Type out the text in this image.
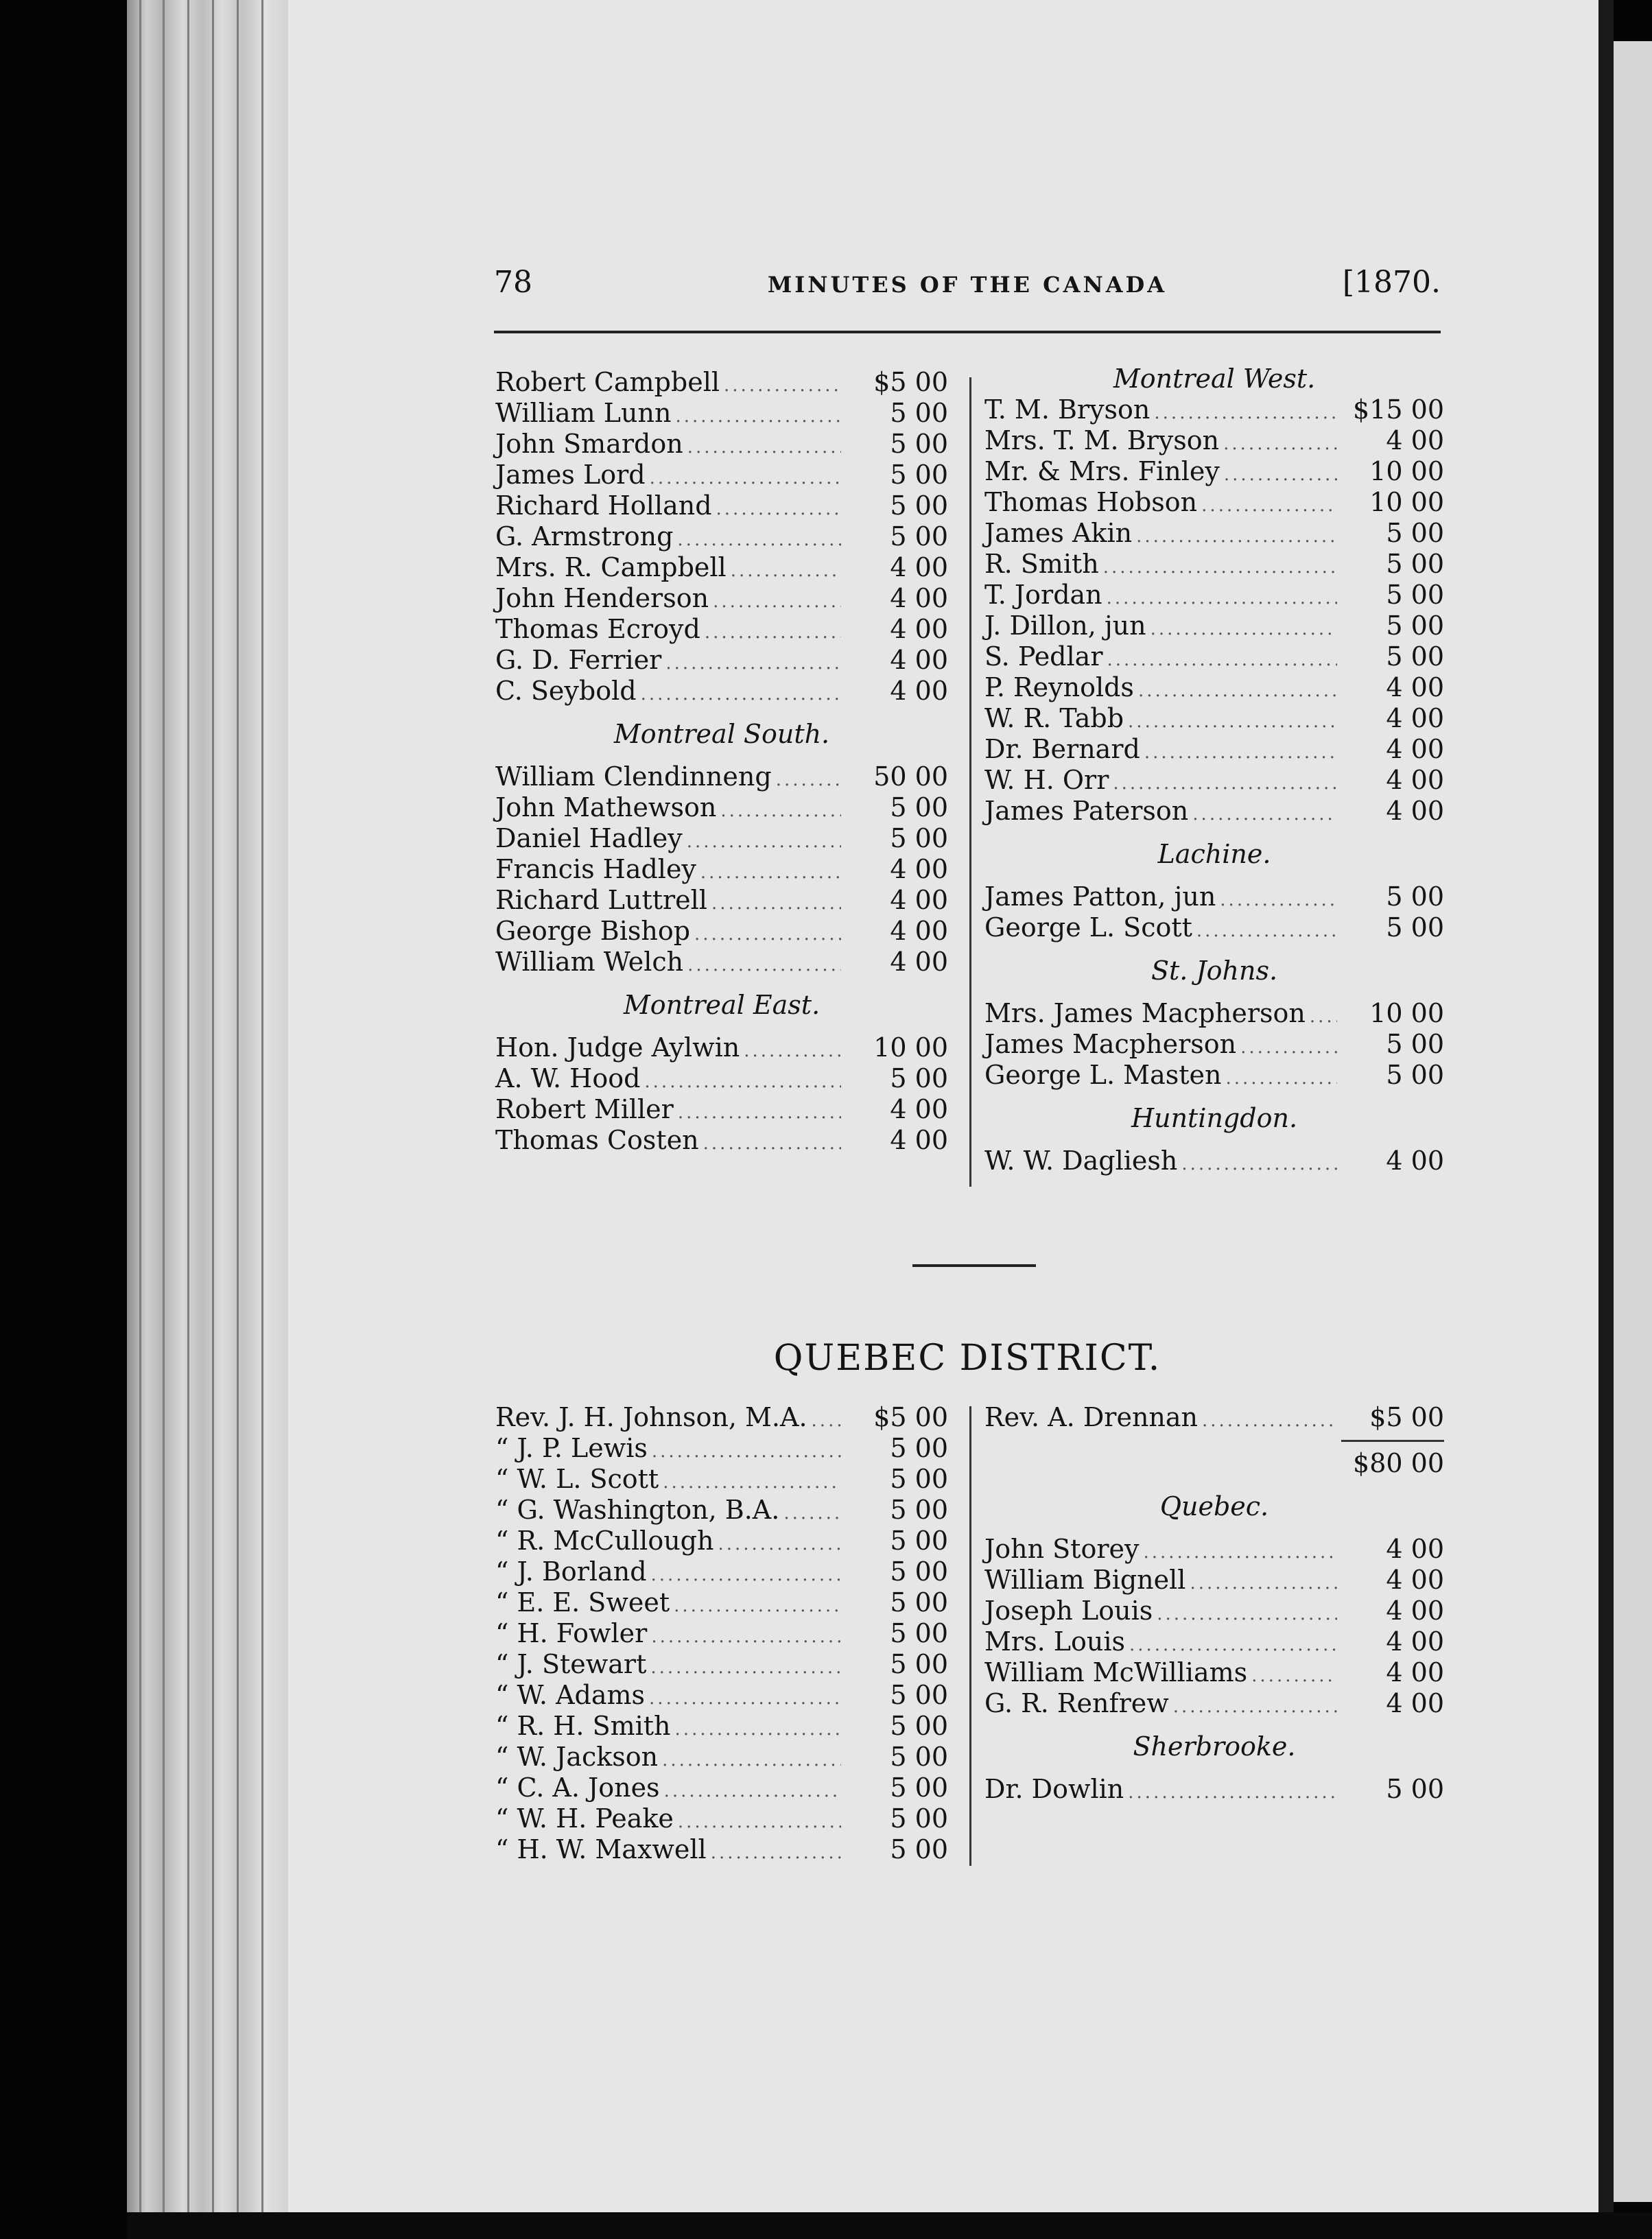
78	MINUTES OF THE CANADA	[1870.
Robert Campbell .....	$5 00
William Lunn .....	5 00
John Smardon .....	5 00
James Lord .....	5 00
Richard Holland .....	5 00
G. Armstrong .....	5 00
Mrs. R. Campbell .....	4 00
John Henderson .....	4 00
Thomas Ecroyd .....	4 00
G. D. Ferrier .....	4 00
C. Seybold .....	4 00
Montreal South.
William Clendinneng .....	50 00
John Mathewson .....	5 00
Daniel Hadley .....	5 00
Francis Hadley .....	4 00
Richard Luttrell .....	4 00
George Bishop .....	4 00
William Welch .....	4 00
Montreal East.
Hon. Judge Aylwin .....	10 00
A. W. Hood .....	5 00
Robert Miller .....	4 00
Thomas Costen .....	4 00
Montreal West.
T. M. Bryson .....	$15 00
Mrs. T. M. Bryson .....	4 00
Mr. & Mrs. Finley .....	10 00
Thomas Hobson .....	10 00
James Akin .....	5 00
R. Smith .....	5 00
T. Jordan .....	5 00
J. Dillon, jun .....	5 00
S. Pedlar .....	5 00
P. Reynolds .....	4 00
W. R. Tabb .....	4 00
Dr. Bernard .....	4 00
W. H. Orr .....	4 00
James Paterson .....	4 00
Lachine.
James Patton, jun .....	5 00
George L. Scott .....	5 00
St. Johns.
Mrs. James Macpherson .....	10 00
James Macpherson .....	5 00
George L. Masten .....	5 00
Huntingdon.
W. W. Dagliesh .....	4 00
QUEBEC DISTRICT.
Rev. J. H. Johnson, M.A. .....	$5 00
“ J. P. Lewis .....	5 00
“ W. L. Scott .....	5 00
“ G. Washington, B.A. .....	5 00
“ R. McCullough .....	5 00
“ J. Borland .....	5 00
“ E. E. Sweet .....	5 00
“ H. Fowler .....	5 00
“ J. Stewart .....	5 00
“ W. Adams .....	5 00
“ R. H. Smith .....	5 00
“ W. Jackson .....	5 00
“ C. A. Jones .....	5 00
“ W. H. Peake .....	5 00
“ H. W. Maxwell .....	5 00
Rev. A. Drennan .....	$5 00
$80 00
Quebec.
John Storey .....	4 00
William Bignell .....	4 00
Joseph Louis .....	4 00
Mrs. Louis .....	4 00
William McWilliams .....	4 00
G. R. Renfrew .....	4 00
Sherbrooke.
Dr. Dowlin .....	5 00
